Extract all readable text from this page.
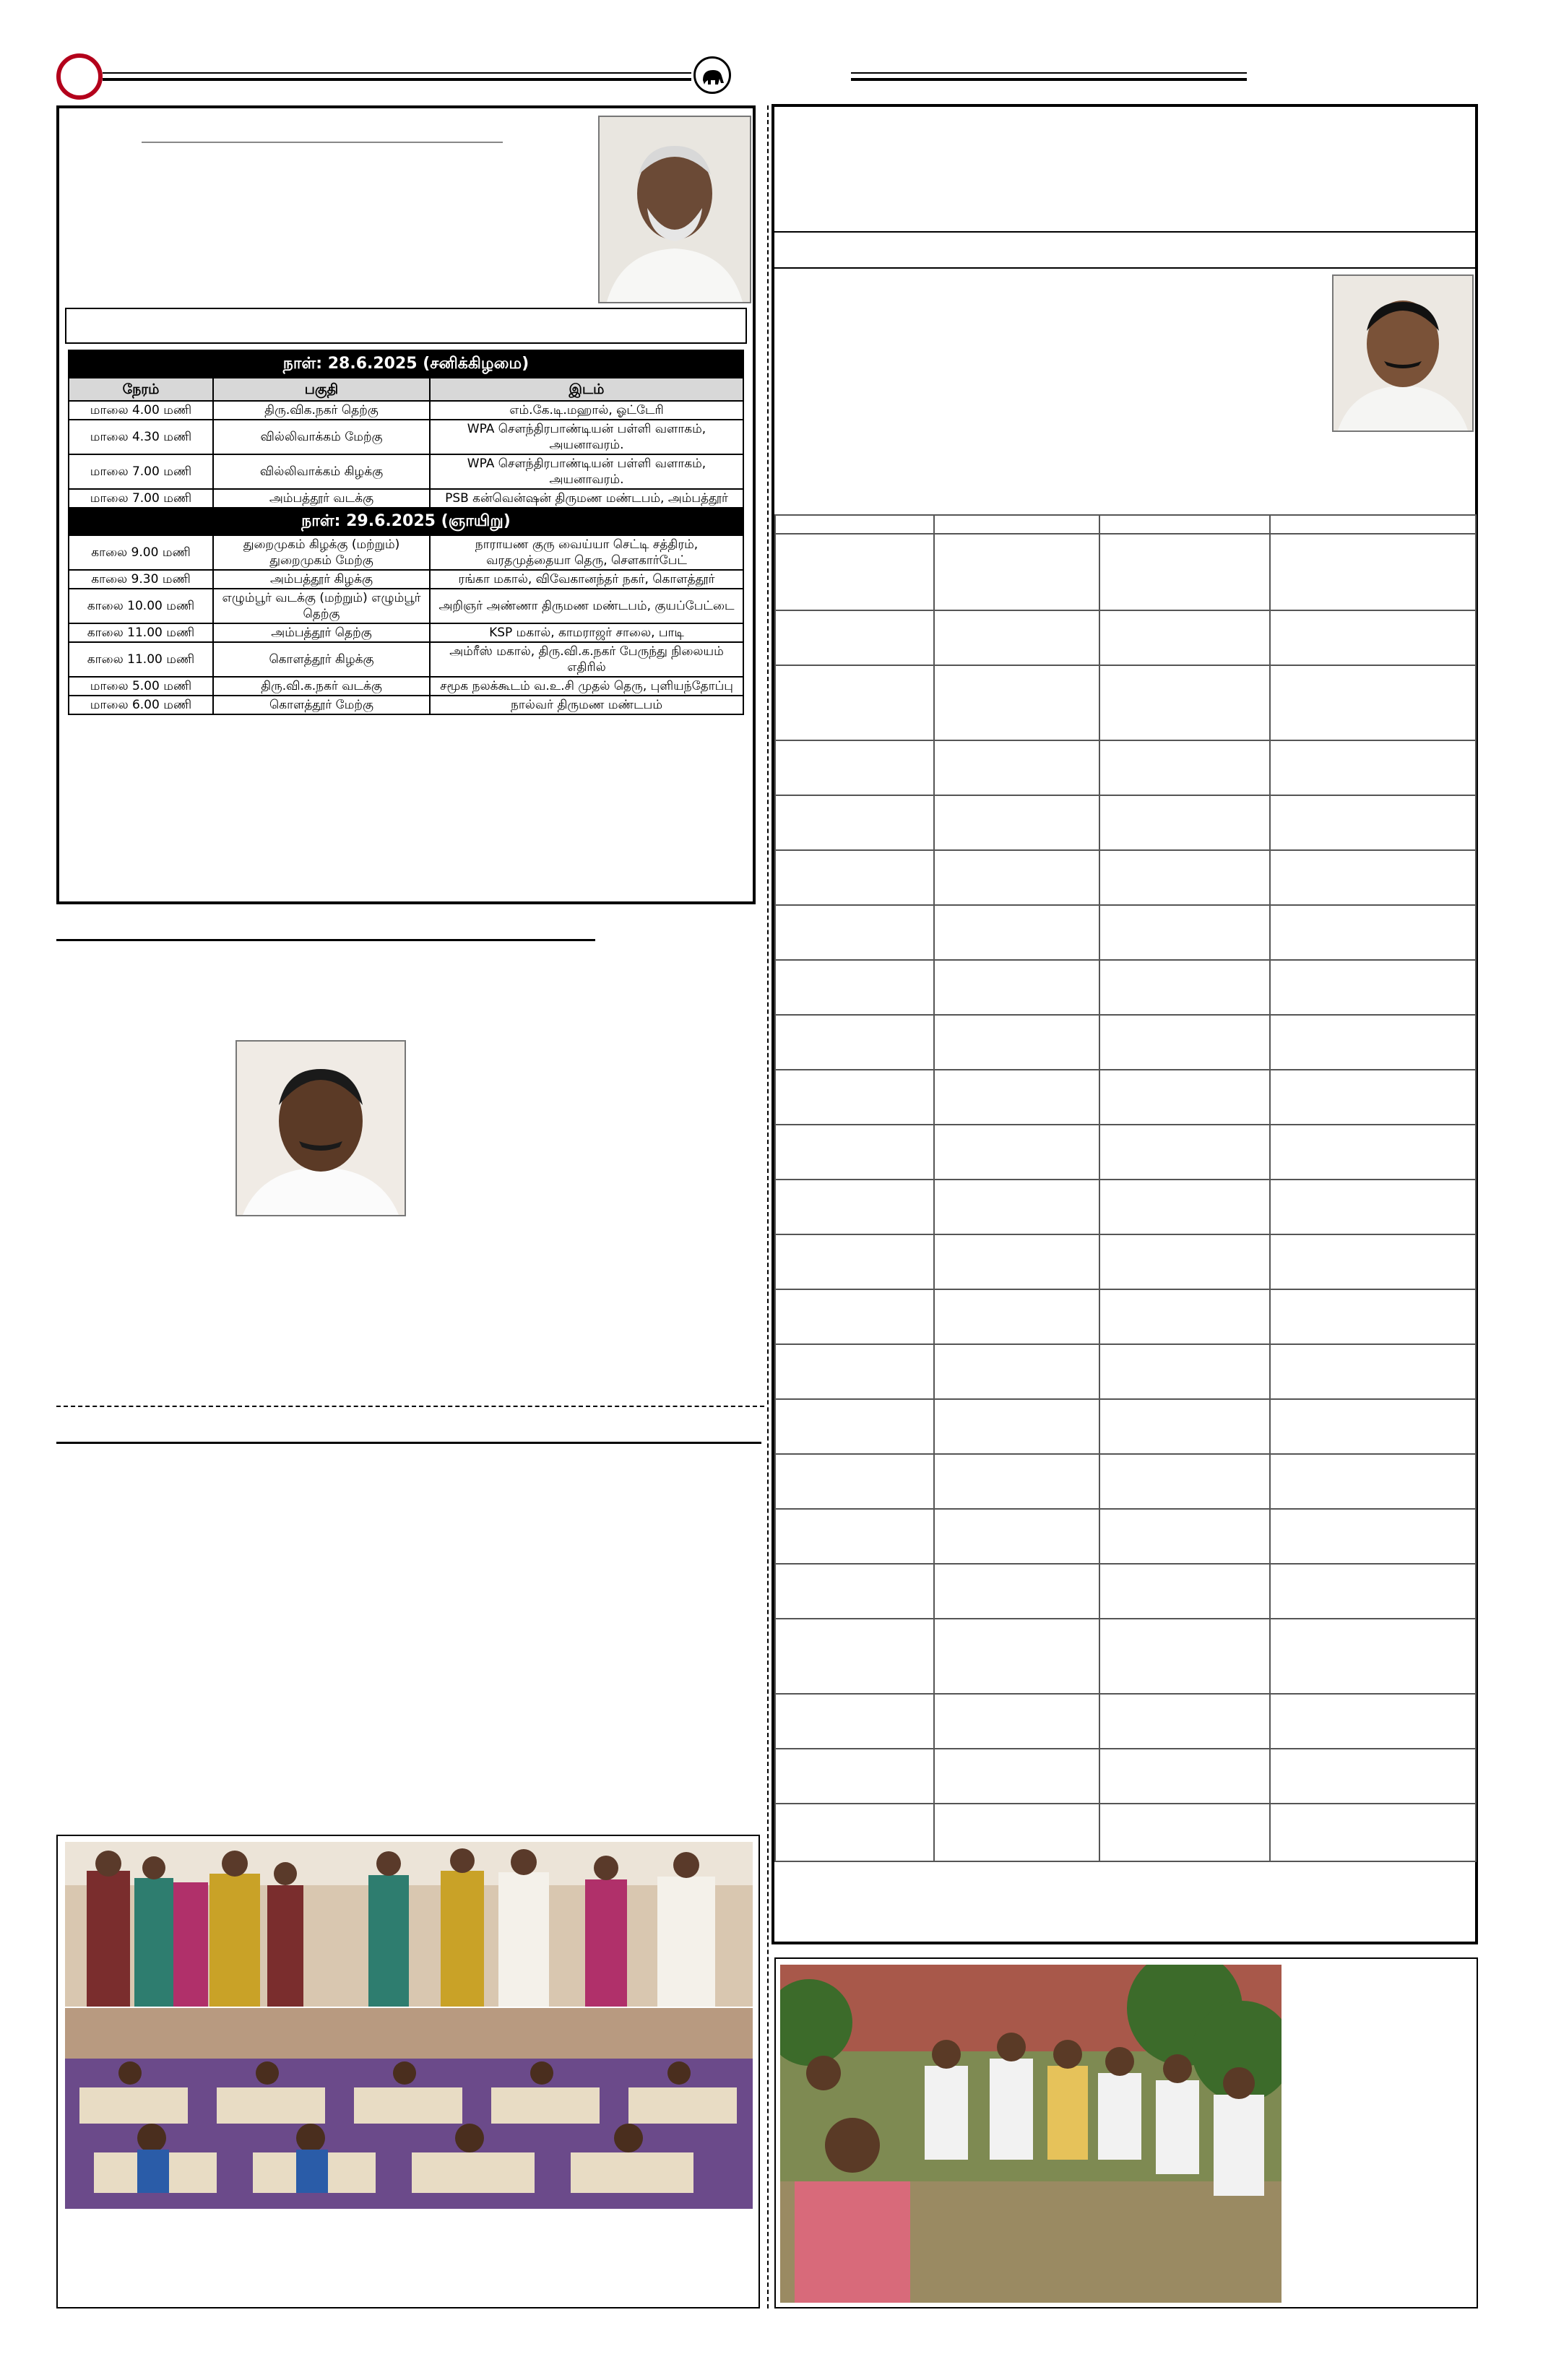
நாள்: 28.6.2025 (சனிக்கிழமை)		
நேரம்	பகுதி	இடம்
மாலை 4.00 மணி	திரு.விக.நகர் தெற்கு	எம்.கே.டி.மஹால், ஓட்டேரி
மாலை 4.30 மணி	வில்லிவாக்கம் மேற்கு	WPA சௌந்திரபாண்டியன் பள்ளி வளாகம், அயனாவரம்.
மாலை 7.00 மணி	வில்லிவாக்கம் கிழக்கு	WPA சௌந்திரபாண்டியன் பள்ளி வளாகம், அயனாவரம்.
மாலை 7.00 மணி	அம்பத்தூர் வடக்கு	PSB கன்வென்ஷன் திருமண மண்டபம், அம்பத்தூர்
நாள்: 29.6.2025 (ஞாயிறு)		
காலை 9.00 மணி	துறைமுகம் கிழக்கு (மற்றும்) துறைமுகம் மேற்கு	நாராயண குரு வைய்யா செட்டி சத்திரம், வரதமுத்தையா தெரு, சௌகார்பேட்
காலை 9.30 மணி	அம்பத்தூர் கிழக்கு	ரங்கா மகால், விவேகானந்தர் நகர், கொளத்தூர்
காலை 10.00 மணி	எழும்பூர் வடக்கு (மற்றும்) எழும்பூர் தெற்கு	அறிஞர் அண்ணா திருமண மண்டபம், குயப்பேட்டை
காலை 11.00 மணி	அம்பத்தூர் தெற்கு	KSP மகால், காமராஜர் சாலை, பாடி
காலை 11.00 மணி	கொளத்தூர் கிழக்கு	அம்ரீஸ் மகால், திரு.வி.க.நகர் பேருந்து நிலையம் எதிரில்
மாலை 5.00 மணி	திரு.வி.க.நகர் வடக்கு	சமூக நலக்கூடம் வ.உ.சி முதல் தெரு, புளியந்தோப்பு
மாலை 6.00 மணி	கொளத்தூர் மேற்கு	நால்வர் திருமண மண்டபம்
